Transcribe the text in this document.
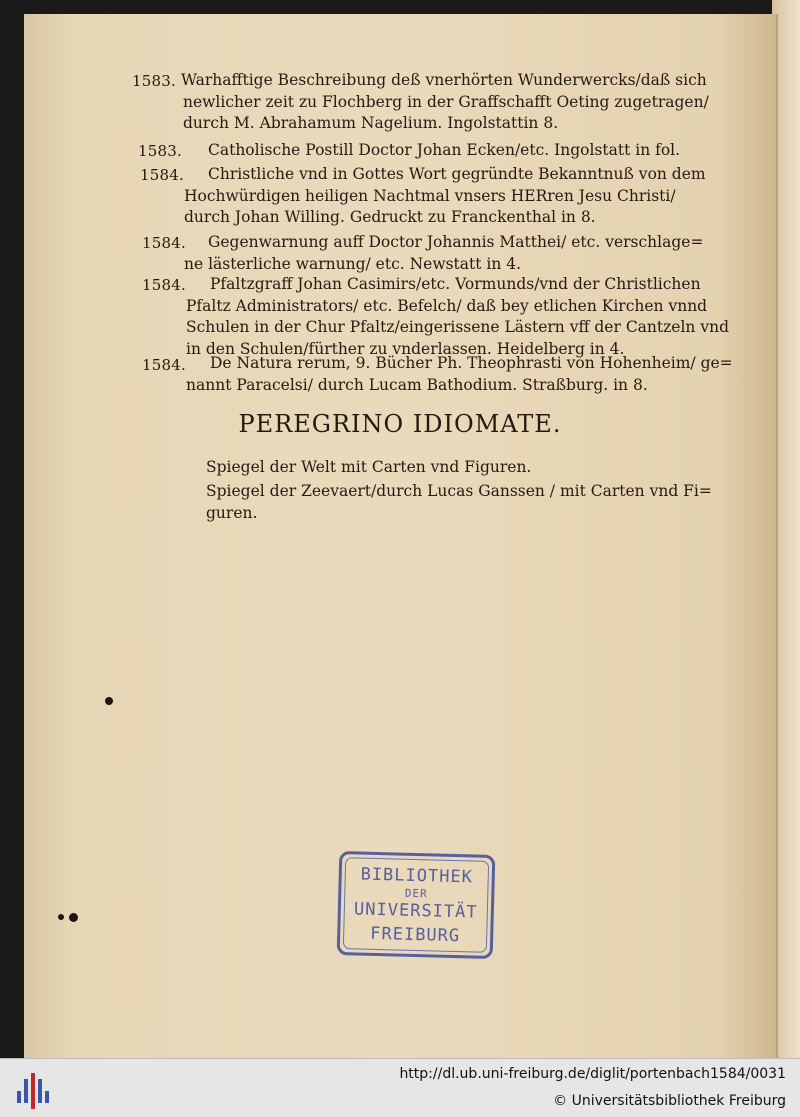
1583. Warhafftige Beschreibung deß vnerhörten Wunderwercks/daß sich
newlicher zeit zu Flochberg in der Graffschafft Oeting zugetragen/
durch M. Abrahamum Nagelium. Ingolstattin 8.
1583. Catholische Postill Doctor Johan Ecken/etc. Ingolstatt in fol.
1584. Christliche vnd in Gottes Wort gegründte Bekanntnuß von dem
Hochwürdigen heiligen Nachtmal vnsers HERren Jesu Christi/
durch Johan Willing. Gedruckt zu Franckenthal in 8.
1584. Gegenwarnung auff Doctor Johannis Matthei/ etc. verschlage=
ne lästerliche warnung/ etc. Newstatt in 4.
1584. Pfaltzgraff Johan Casimirs/etc. Vormunds/vnd der Christlichen
Pfaltz Administrators/ etc. Befelch/ daß bey etlichen Kirchen vnnd
Schulen in der Chur Pfaltz/eingerissene Lästern vff der Cantzeln vnd
in den Schulen/fürther zu vnderlassen. Heidelberg in 4.
1584. De Natura rerum, 9. Bücher Ph. Theophrasti von Hohenheim/ ge=
nannt Paracelsi/ durch Lucam Bathodium. Straßburg. in 8.
PEREGRINO IDIOMATE.
Spiegel der Welt mit Carten vnd Figuren.
Spiegel der Zeevaert/durch Lucas Ganssen / mit Carten vnd Fi=
guren.
BIBLIOTHEK
DER
UNIVERSITÄT
FREIBURG
http://dl.ub.uni-freiburg.de/diglit/portenbach1584/0031
© Universitätsbibliothek Freiburg
